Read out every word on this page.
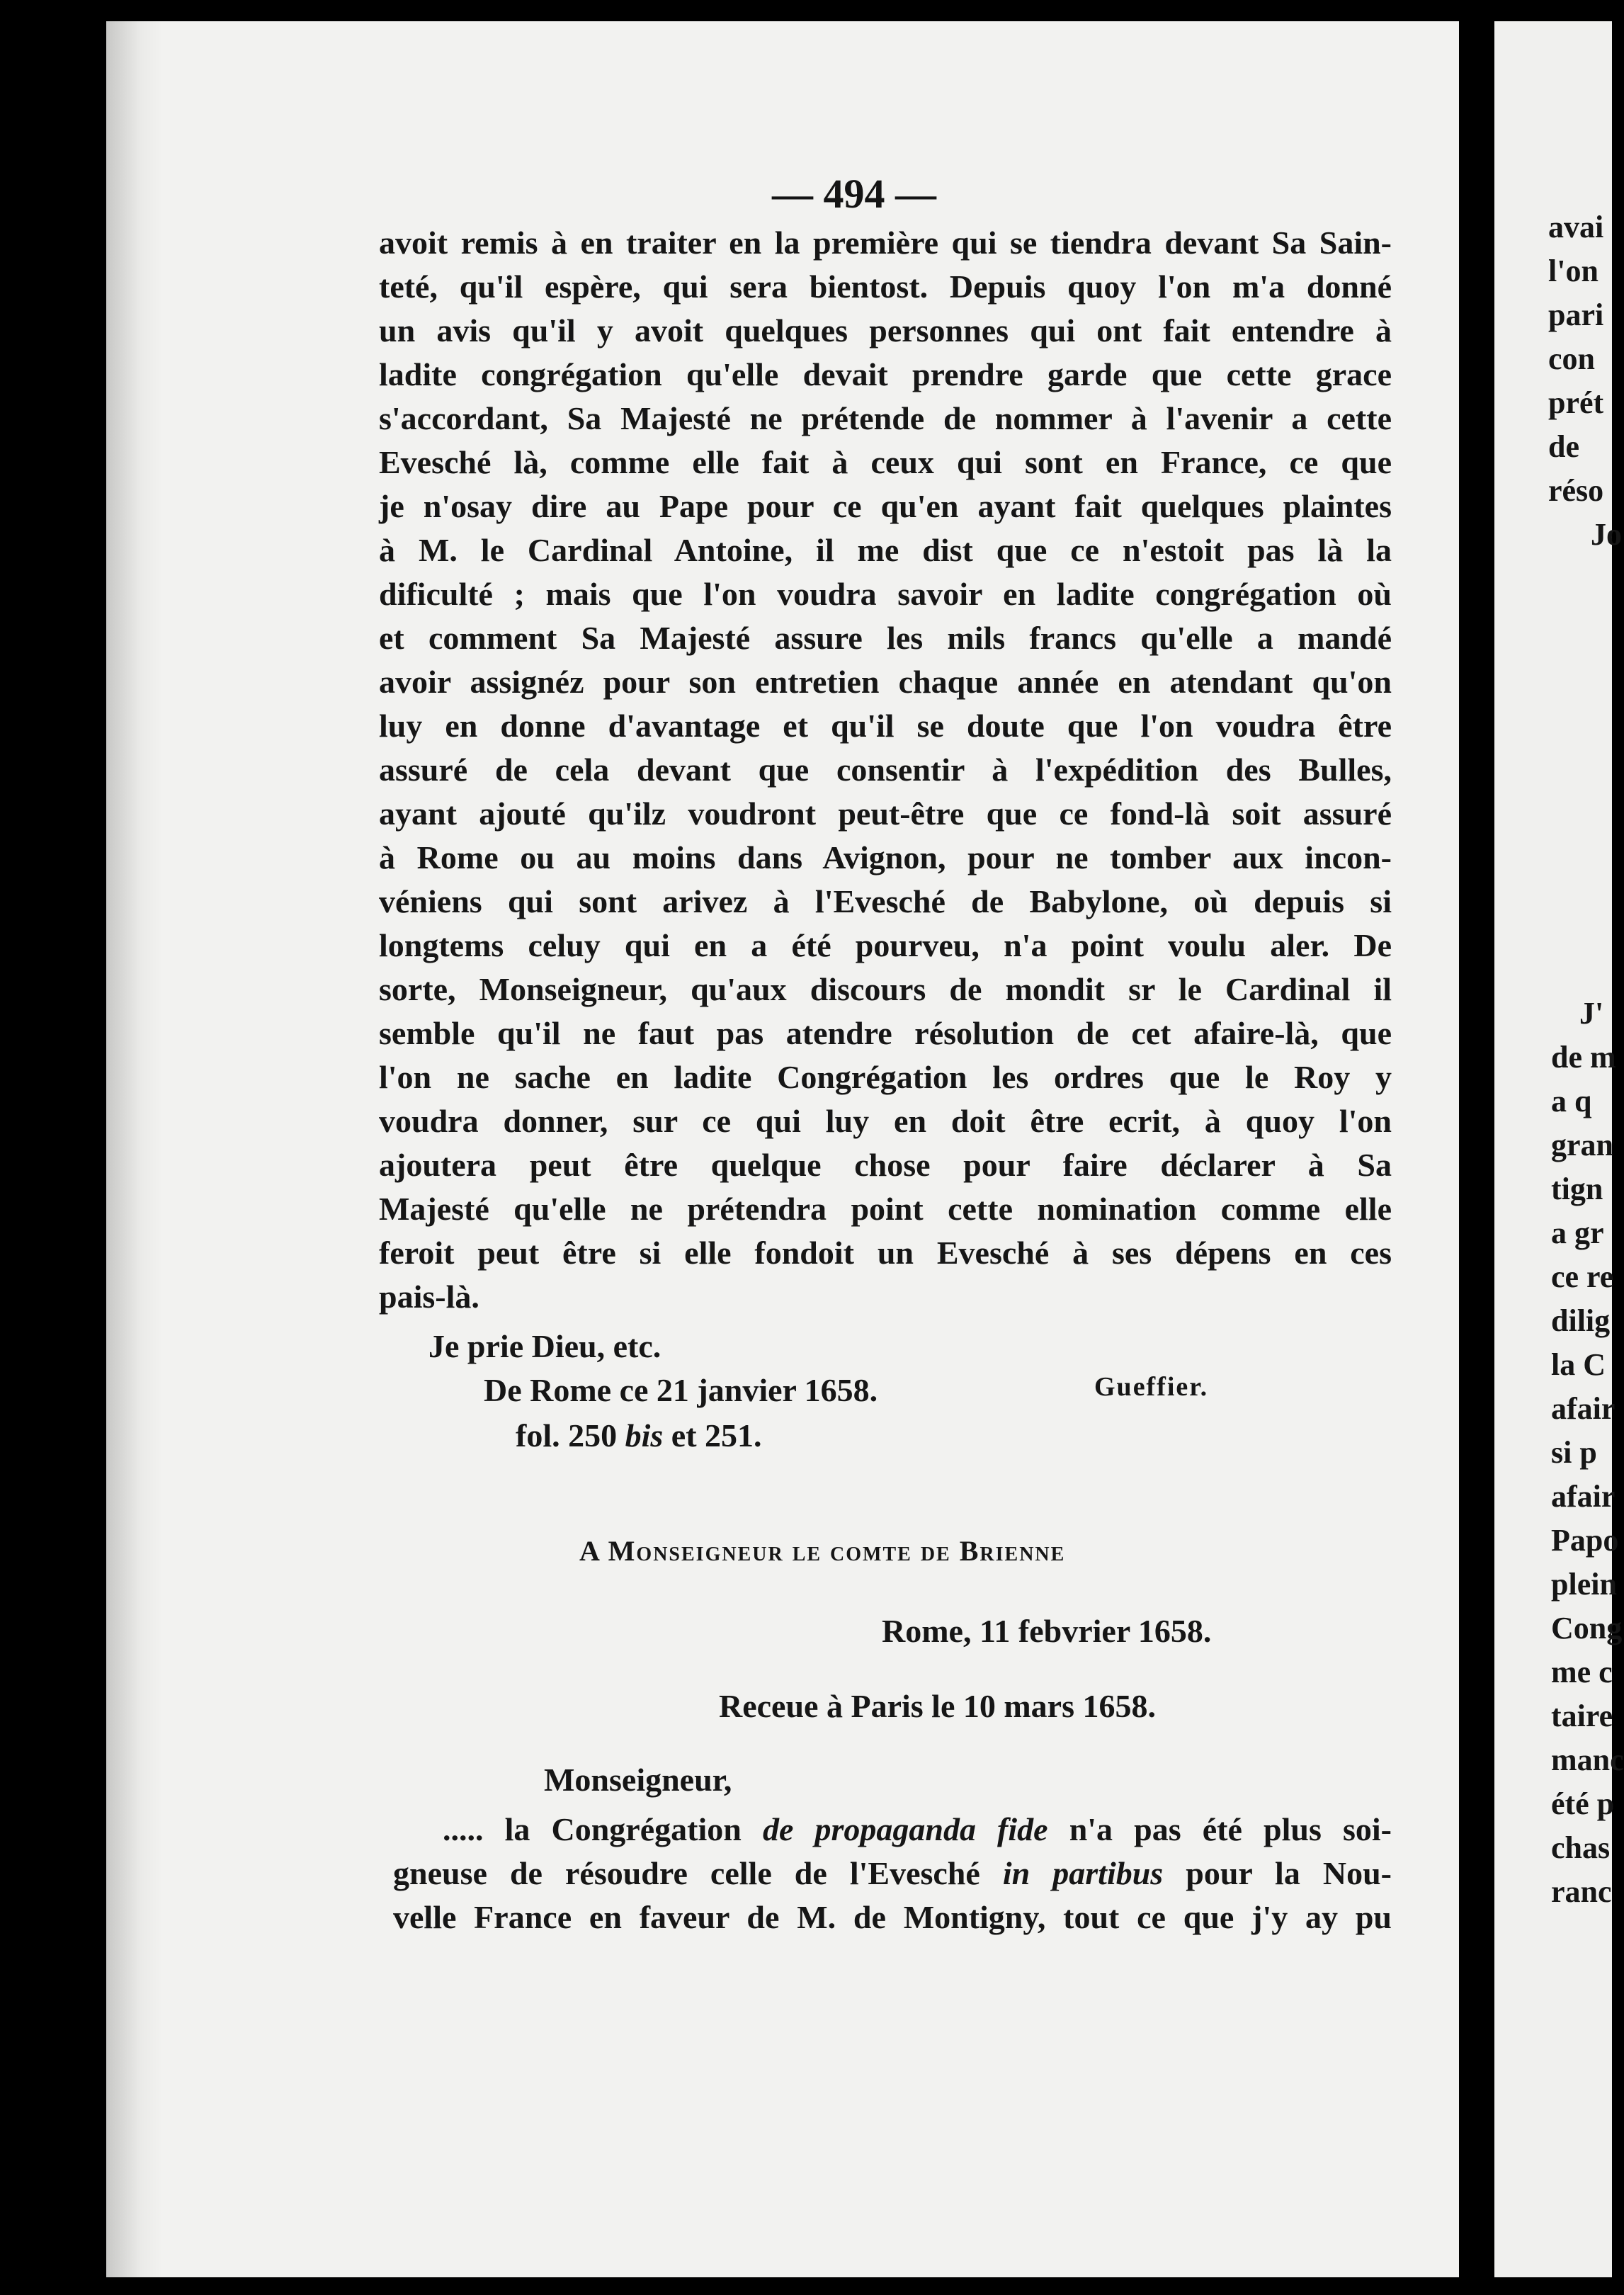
— 494 —
avoit remis à en traiter en la première qui se tiendra devant Sa Sain-
teté, qu'il espère, qui sera bientost. Depuis quoy l'on m'a donné
un avis qu'il y avoit quelques personnes qui ont fait entendre à
ladite congrégation qu'elle devait prendre garde que cette grace
s'accordant, Sa Majesté ne prétende de nommer à l'avenir a cette
Evesché là, comme elle fait à ceux qui sont en France, ce que
je n'osay dire au Pape pour ce qu'en ayant fait quelques plaintes
à M. le Cardinal Antoine, il me dist que ce n'estoit pas là la
dificulté ; mais que l'on voudra savoir en ladite congrégation où
et comment Sa Majesté assure les mils francs qu'elle a mandé
avoir assignéz pour son entretien chaque année en atendant qu'on
luy en donne d'avantage et qu'il se doute que l'on voudra être
assuré de cela devant que consentir à l'expédition des Bulles,
ayant ajouté qu'ilz voudront peut-être que ce fond-là soit assuré
à Rome ou au moins dans Avignon, pour ne tomber aux incon-
véniens qui sont arivez à l'Evesché de Babylone, où depuis si
longtems celuy qui en a été pourveu, n'a point voulu aler. De
sorte, Monseigneur, qu'aux discours de mondit sr le Cardinal il
semble qu'il ne faut pas atendre résolution de cet afaire-là, que
l'on ne sache en ladite Congrégation les ordres que le Roy y
voudra donner, sur ce qui luy en doit être ecrit, à quoy l'on
ajoutera peut être quelque chose pour faire déclarer à Sa
Majesté qu'elle ne prétendra point cette nomination comme elle
feroit peut être si elle fondoit un Evesché à ses dépens en ces
pais-là.
Je prie Dieu, etc.
De Rome ce 21 janvier 1658.	Gueffier.
fol. 250 bis et 251.
A Monseigneur le comte de Brienne
Rome, 11 febvrier 1658.
Receue à Paris le 10 mars 1658.
Monseigneur,
..... la Congrégation de propaganda fide n'a pas été plus soi-
gneuse de résoudre celle de l'Evesché in partibus pour la Nou-
velle France en faveur de M. de Montigny, tout ce que j'y ay pu
avai
l'on
pari
con
prét
de
réso
Jo
J'
de m
a q
gran
tign
a gr
ce re
dilig
la C
afair
si p
afair
Papo
plein
Cong
me c
taire
manc
été p
chas
ranc
